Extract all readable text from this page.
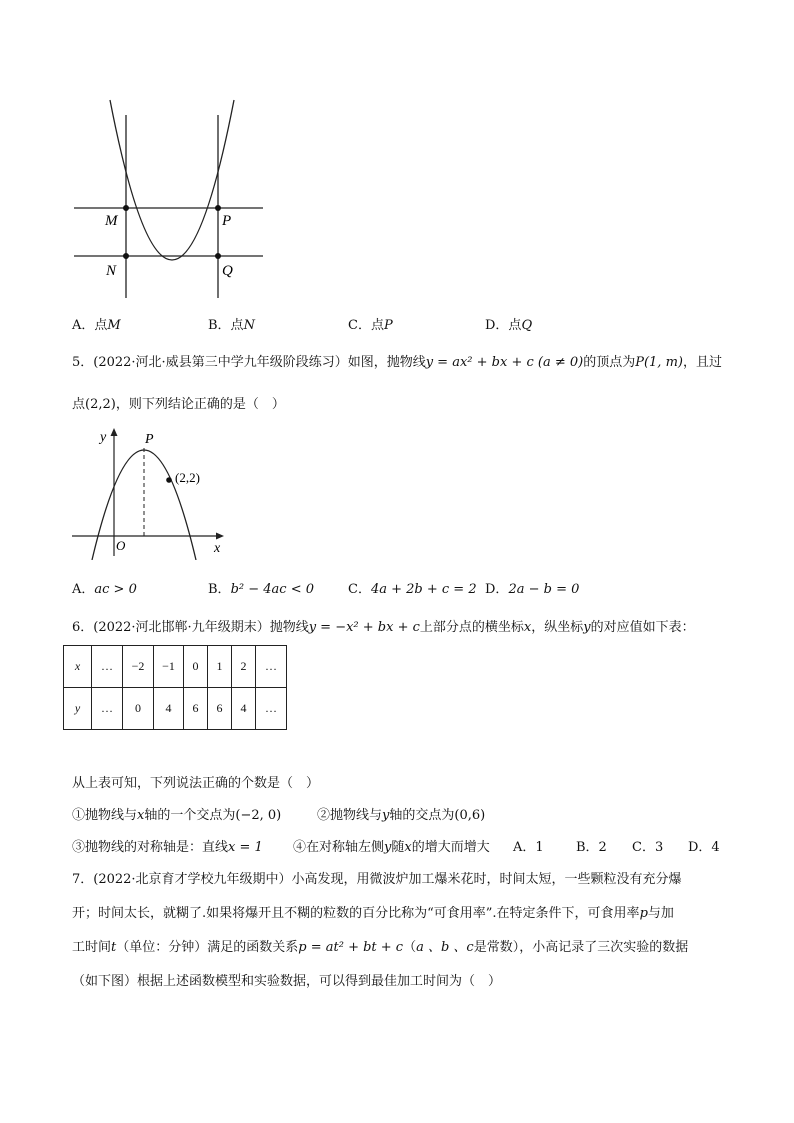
M
N
P
Q
A．点M	B．点N	C．点P	D．点Q
5．(2022·河北·威县第三中学九年级阶段练习）如图，抛物线y = ax² + bx + c (a ≠ 0)的顶点为P(1, m)，且过
点(2,2)，则下列结论正确的是（　）
y
x
O
P
(2,2)
A．ac > 0	B．b² − 4ac < 0	C．4a + 2b + c = 2 D．2a − b = 0
6．(2022·河北邯郸·九年级期末）抛物线y = −x² + bx + c上部分点的横坐标x，纵坐标y的对应值如下表：
x	…	−2	−1	0	1	2	…
y	…	0	4	6	6	4	…
从上表可知，下列说法正确的个数是（　）
①抛物线与x轴的一个交点为(−2, 0)	②抛物线与y轴的交点为(0,6)
③抛物线的对称轴是：直线x = 1 ④在对称轴左侧y随x的增大而增大 A．1 B．2 C．3 D．4
7．(2022·北京育才学校九年级期中）小高发现，用微波炉加工爆米花时，时间太短，一些颗粒没有充分爆
开；时间太长，就糊了.如果将爆开且不糊的粒数的百分比称为“可食用率”.在特定条件下，可食用率p与加
工时间t（单位：分钟）满足的函数关系p = at² + bt + c（a 、b 、c是常数），小高记录了三次实验的数据
（如下图）根据上述函数模型和实验数据，可以得到最佳加工时间为（　）
